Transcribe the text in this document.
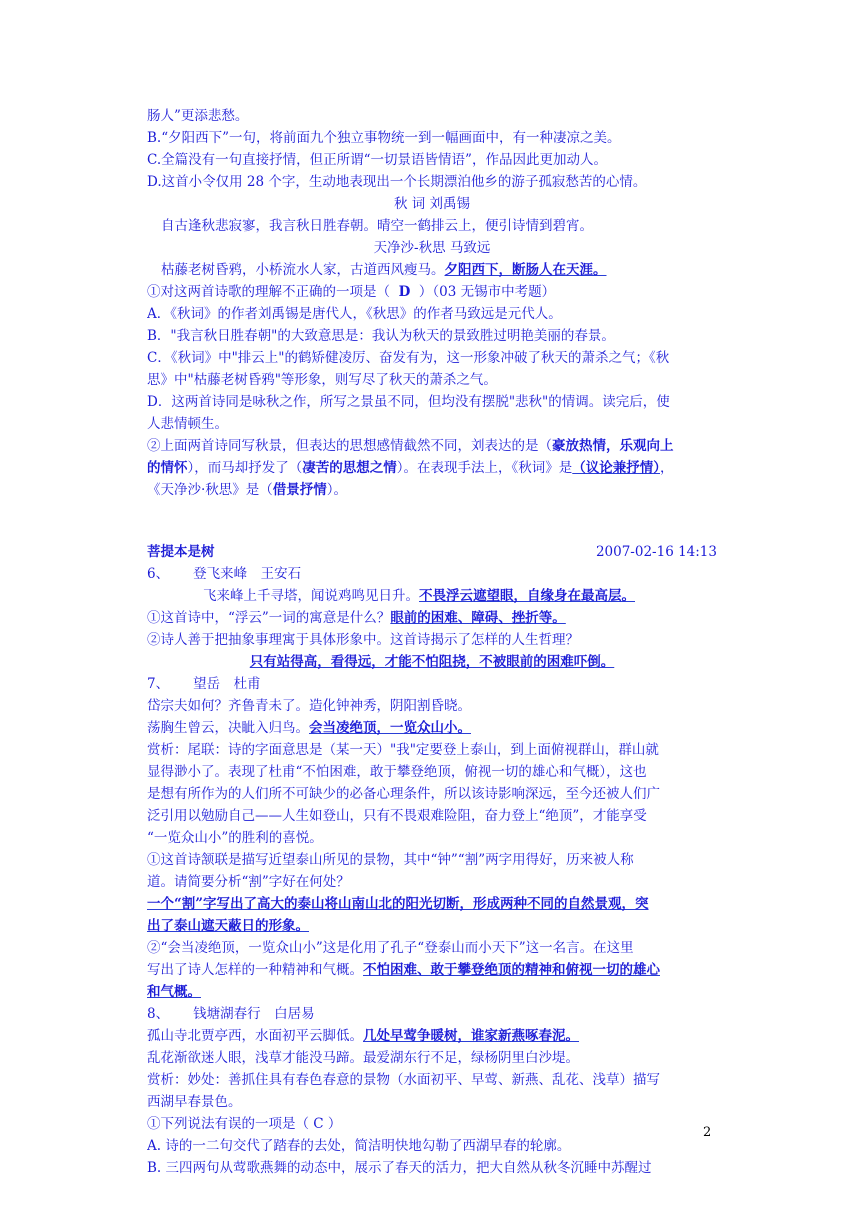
肠人”更添悲愁。
B.“夕阳西下”一句，将前面九个独立事物统一到一幅画面中，有一种凄凉之美。
C.全篇没有一句直接抒情，但正所谓“一切景语皆情语”，作品因此更加动人。
D.这首小令仅用 28 个字，生动地表现出一个长期漂泊他乡的游子孤寂愁苦的心情。
秋 词 刘禹锡
自古逢秋悲寂寥，我言秋日胜春朝。晴空一鹤排云上，便引诗情到碧宵。
天净沙-秋思 马致远
枯藤老树昏鸦，小桥流水人家，古道西风瘦马。夕阳西下，断肠人在天涯。
①对这两首诗歌的理解不正确的一项是（ D ）（03 无锡市中考题）
A．《秋词》的作者刘禹锡是唐代人，《秋思》的作者马致远是元代人。
B．"我言秋日胜春朝"的大致意思是：我认为秋天的景致胜过明艳美丽的春景。
C．《秋词》中"排云上"的鹤矫健凌厉、奋发有为，这一形象冲破了秋天的萧杀之气；《秋
思》中"枯藤老树昏鸦"等形象，则写尽了秋天的萧杀之气。
D．这两首诗同是咏秋之作，所写之景虽不同，但均没有摆脱"悲秋"的情调。读完后，使
人悲情顿生。
②上面两首诗同写秋景，但表达的思想感情截然不同，刘表达的是（豪放热情，乐观向上
的情怀），而马却抒发了（凄苦的思想之情）。在表现手法上，《秋词》是（议论兼抒情），
《天净沙·秋思》是（借景抒情）。
菩提本是树	2007-02-16 14:13
6、 登飞来峰　王安石
飞来峰上千寻塔，闻说鸡鸣见日升。不畏浮云遮望眼，自缘身在最高层。
①这首诗中，“浮云”一词的寓意是什么？眼前的困难、障碍、挫折等。
②诗人善于把抽象事理寓于具体形象中。这首诗揭示了怎样的人生哲理？
只有站得高，看得远，才能不怕阻挠，不被眼前的困难吓倒。
7、 望岳　杜甫
岱宗夫如何？齐鲁青未了。造化钟神秀，阴阳割昏晓。
荡胸生曾云，决眦入归鸟。会当凌绝顶，一览众山小。
赏析：尾联：诗的字面意思是（某一天）"我"定要登上泰山，到上面俯视群山，群山就
显得渺小了。表现了杜甫“不怕困难，敢于攀登绝顶，俯视一切的雄心和气概），这也
是想有所作为的人们所不可缺少的必备心理条件，所以该诗影响深远，至今还被人们广
泛引用以勉励自己——人生如登山，只有不畏艰难险阻，奋力登上“绝顶”，才能享受
“一览众山小”的胜利的喜悦。
①这首诗颔联是描写近望泰山所见的景物，其中“钟”“割”两字用得好，历来被人称
道。请简要分析“割”字好在何处？
一个“割”字写出了高大的泰山将山南山北的阳光切断，形成两种不同的自然景观，突
出了泰山遮天蔽日的形象。
②“会当凌绝顶，一览众山小”这是化用了孔子“登泰山而小天下”这一名言。在这里
写出了诗人怎样的一种精神和气概。不怕困难、敢于攀登绝顶的精神和俯视一切的雄心
和气概。
8、 钱塘湖春行　白居易
孤山寺北贾亭西，水面初平云脚低。几处早莺争暖树，谁家新燕啄春泥。
乱花渐欲迷人眼，浅草才能没马蹄。最爱湖东行不足，绿杨阴里白沙堤。
赏析：妙处：善抓住具有春色春意的景物（水面初平、早莺、新燕、乱花、浅草）描写
西湖早春景色。
①下列说法有误的一项是（ C ）
A. 诗的一二句交代了踏春的去处，简洁明快地勾勒了西湖早春的轮廓。
B. 三四两句从莺歌燕舞的动态中，展示了春天的活力，把大自然从秋冬沉睡中苏醒过
2
